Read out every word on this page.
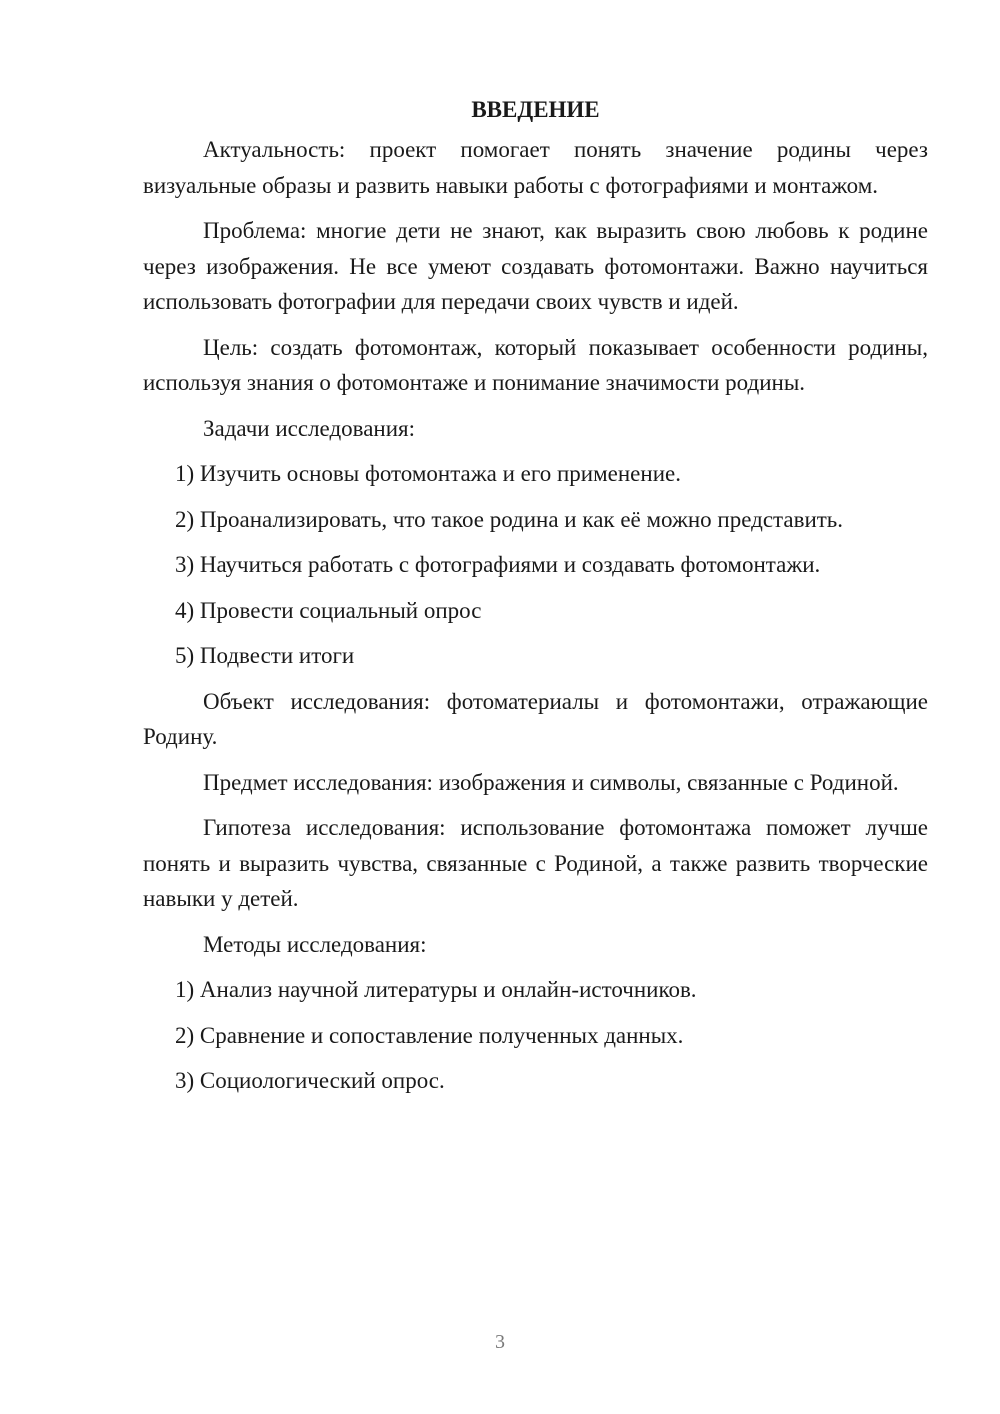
ВВЕДЕНИЕ

Актуальность: проект помогает понять значение родины через визуальные образы и развить навыки работы с фотографиями и монтажом.

Проблема: многие дети не знают, как выразить свою любовь к родине через изображения. Не все умеют создавать фотомонтажи. Важно научиться использовать фотографии для передачи своих чувств и идей.

Цель: создать фотомонтаж, который показывает особенности родины, используя знания о фотомонтаже и понимание значимости родины.

Задачи исследования:

1) Изучить основы фотомонтажа и его применение.
2) Проанализировать, что такое родина и как её можно представить.
3) Научиться работать с фотографиями и создавать фотомонтажи.
4) Провести социальный опрос
5) Подвести итоги

Объект исследования: фотоматериалы и фотомонтажи, отражающие Родину.

Предмет исследования: изображения и символы, связанные с Родиной.

Гипотеза исследования: использование фотомонтажа поможет лучше понять и выразить чувства, связанные с Родиной, а также развить творческие навыки у детей.

Методы исследования:

1) Анализ научной литературы и онлайн-источников.
2) Сравнение и сопоставление полученных данных.
3) Социологический опрос.
3
